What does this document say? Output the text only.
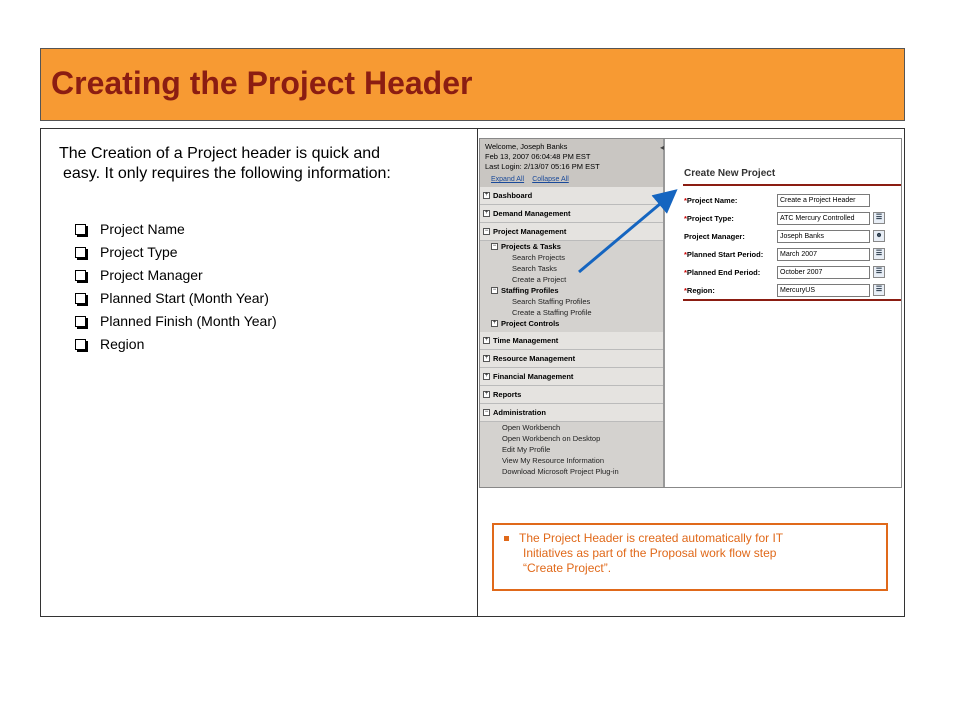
Creating the Project Header
The Creation of a Project header is quick and
easy. It only requires the following information:
Project Name
Project Type
Project Manager
Planned Start (Month Year)
Planned Finish (Month Year)
Region
Welcome, Joseph Banks
Feb 13, 2007 06:04:48 PM EST
Last Login: 2/13/07 05:16 PM EST
◂
Expand All Collapse All
+ Dashboard
+ Demand Management
− Project Management
− Projects & Tasks
Search Projects
Search Tasks
Create a Project
− Staffing Profiles
Search Staffing Profiles
Create a Staffing Profile
+ Project Controls
+ Time Management
+ Resource Management
+ Financial Management
+ Reports
− Administration
Open Workbench
Open Workbench on Desktop
Edit My Profile
View My Resource Information
Download Microsoft Project Plug-in
Create New Project
*Project Name:	Create a Project Header
*Project Type:	ATC Mercury Controlled	☰
Project Manager:	Joseph Banks	☻
*Planned Start Period:	March 2007	☰
*Planned End Period:	October 2007	☰
*Region:	MercuryUS	☰
The Project Header is created automatically for IT
Initiatives as part of the Proposal work flow step
“Create Project”.
